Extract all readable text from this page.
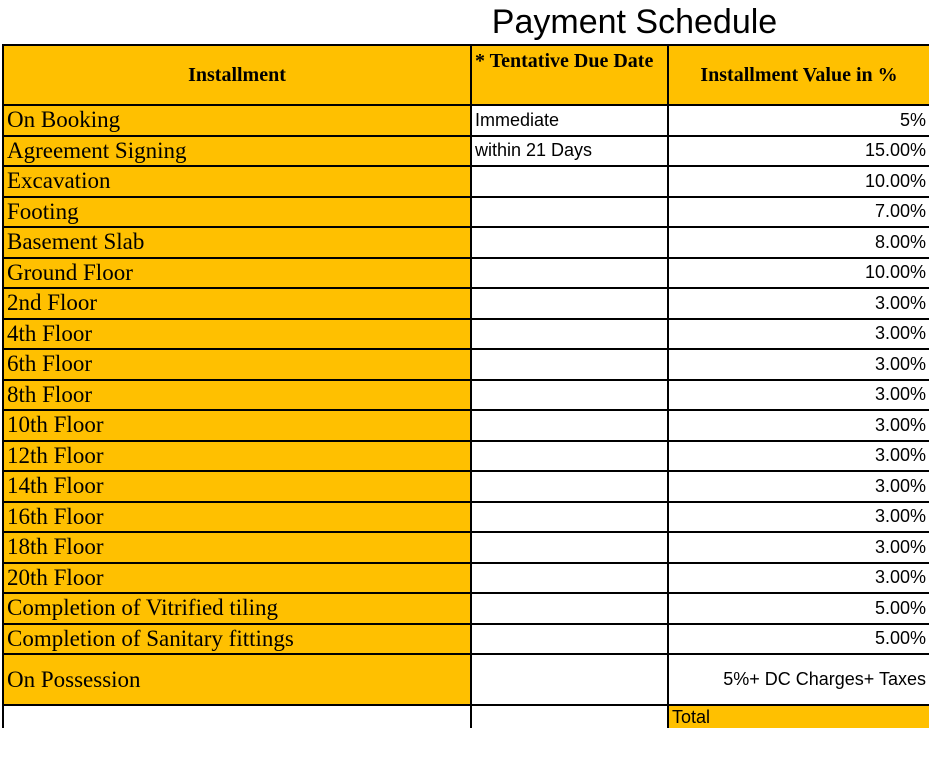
Payment Schedule
Installment	* Tentative Due Date	Installment Value in %
On Booking	Immediate	5%
Agreement Signing	within 21 Days	15.00%
Excavation		10.00%
Footing		7.00%
Basement Slab		8.00%
Ground Floor		10.00%
2nd Floor		3.00%
4th Floor		3.00%
6th Floor		3.00%
8th Floor		3.00%
10th Floor		3.00%
12th Floor		3.00%
14th Floor		3.00%
16th Floor		3.00%
18th Floor		3.00%
20th Floor		3.00%
Completion of Vitrified tiling		5.00%
Completion of Sanitary fittings		5.00%
On Possession		5%+ DC Charges+ Taxes
		Total
